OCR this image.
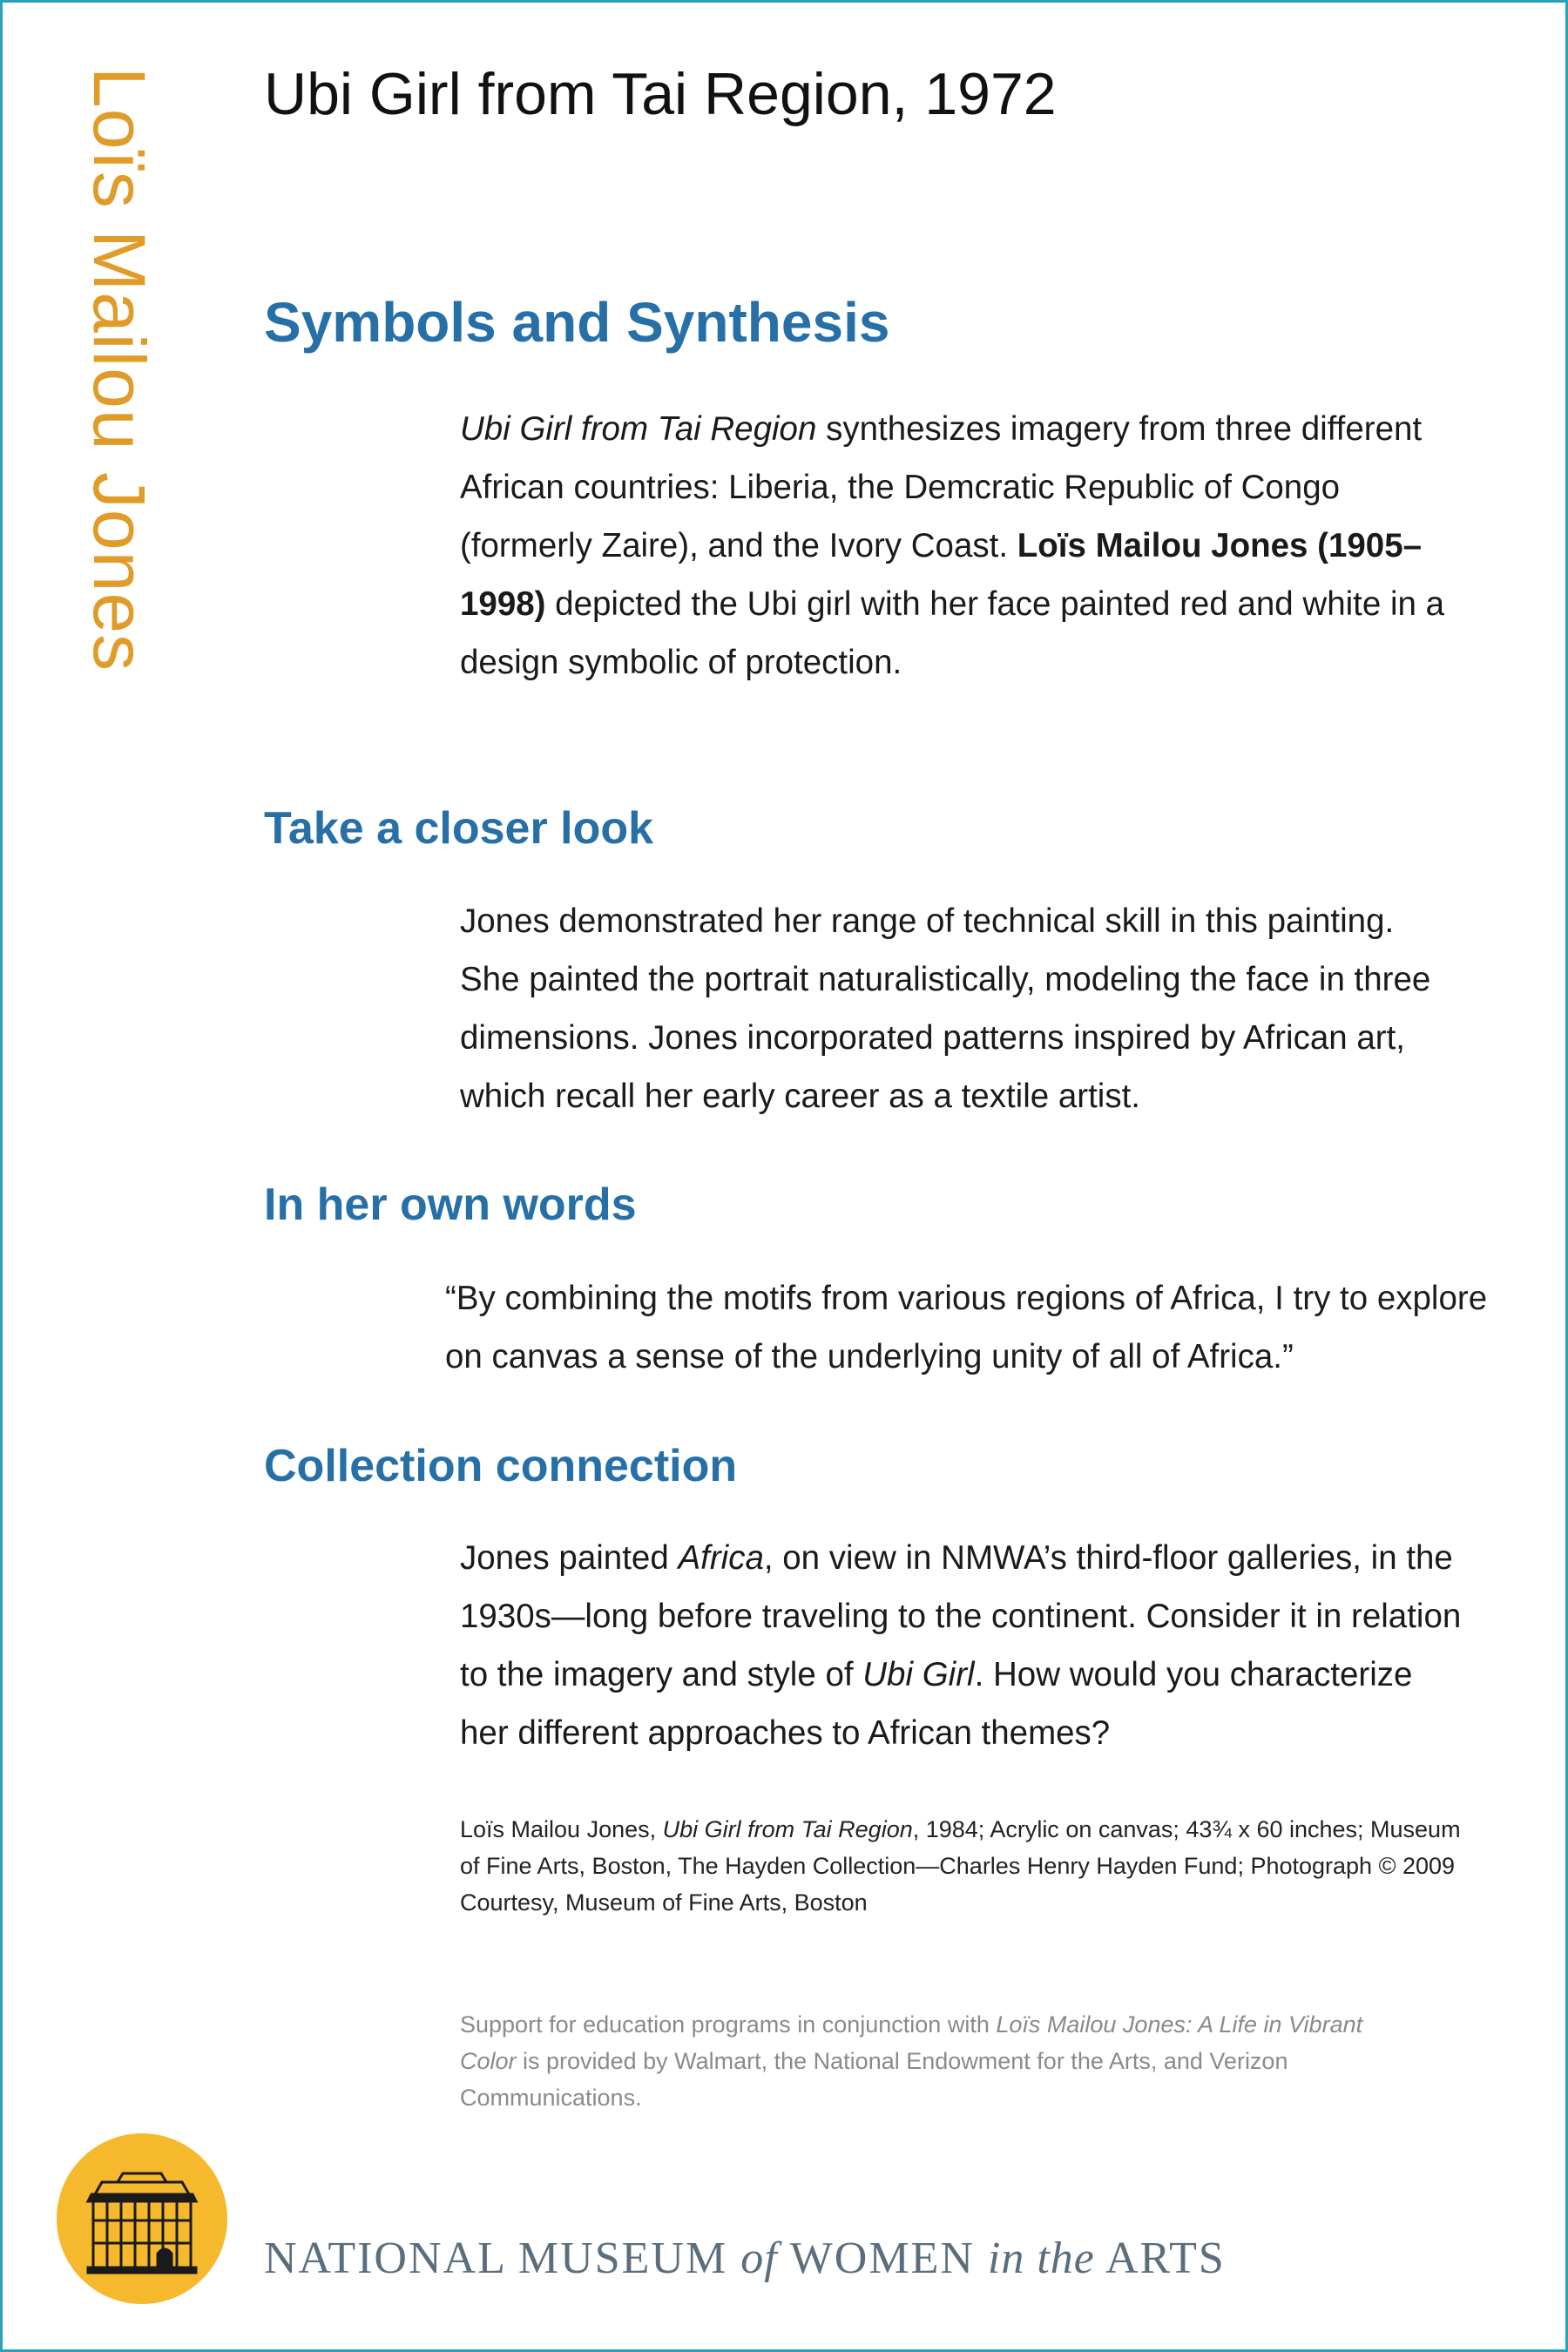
Loïs Mailou Jones Ubi Girl from Tai Region, 1972
Symbols and Synthesis

Ubi Girl from Tai Region synthesizes imagery from three different African countries: Liberia, the Demcratic Republic of Congo (formerly Zaire), and the Ivory Coast. Loïs Mailou Jones (1905–1998) depicted the Ubi girl with her face painted red and white in a design symbolic of protection.

Take a closer look

Jones demonstrated her range of technical skill in this painting. She painted the portrait naturalistically, modeling the face in three dimensions. Jones incorporated patterns inspired by African art, which recall her early career as a textile artist.

In her own words

“By combining the motifs from various regions of Africa, I try to explore on canvas a sense of the underlying unity of all of Africa.”

Collection connection

Jones painted Africa, on view in NMWA’s third-floor galleries, in the 1930s—long before traveling to the continent. Consider it in relation to the imagery and style of Ubi Girl. How would you characterize her different approaches to African themes?

Loïs Mailou Jones, Ubi Girl from Tai Region, 1984; Acrylic on canvas; 43¾ x 60 inches; Museum of Fine Arts, Boston, The Hayden Collection—Charles Henry Hayden Fund; Photograph © 2009 Courtesy, Museum of Fine Arts, Boston

Support for education programs in conjunction with Loïs Mailou Jones: A Life in Vibrant Color is provided by Walmart, the National Endowment for the Arts, and Verizon Communications.

NATIONAL MUSEUM of WOMEN in the ARTS
